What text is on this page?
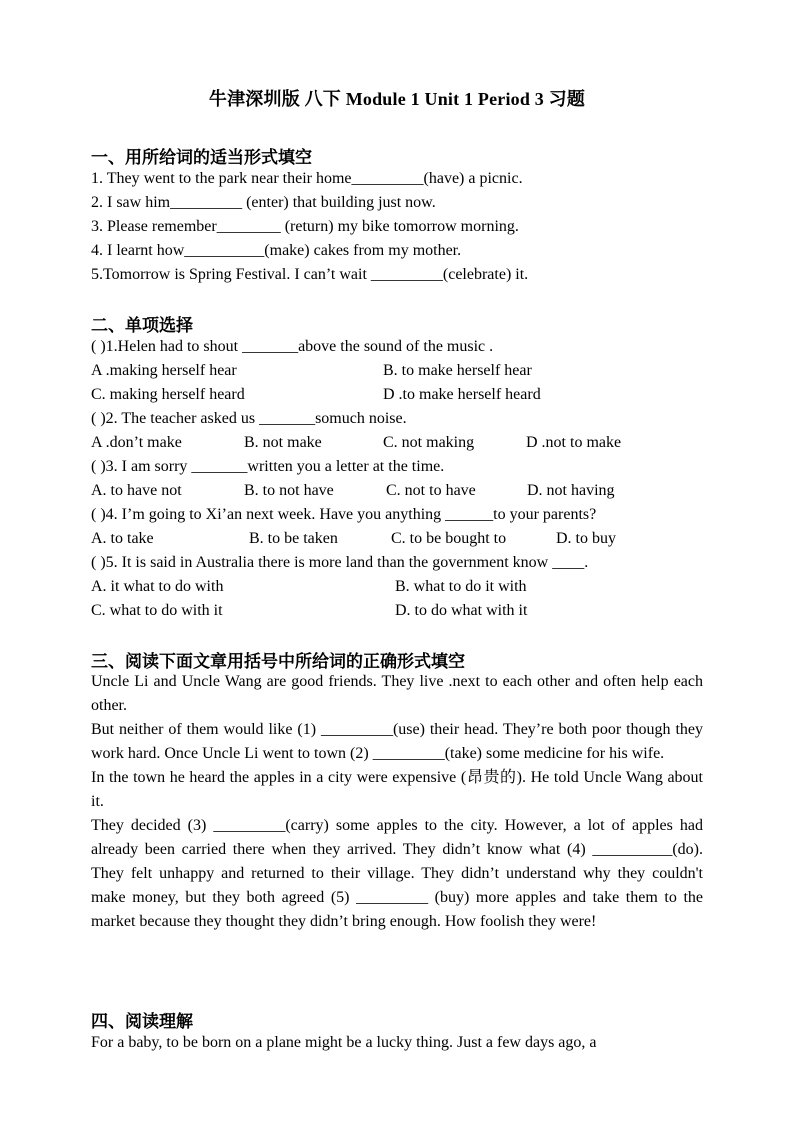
牛津深圳版 八下 Module 1 Unit 1 Period 3 习题
一、用所给词的适当形式填空
1. They went to the park near their home_________(have) a picnic.
2. I saw him_________ (enter) that building just now.
3. Please remember________ (return) my bike tomorrow morning.
4. I learnt how__________(make) cakes from my mother.
5.Tomorrow is Spring Festival. I can’t wait _________(celebrate) it.
二、单项选择
( )1.Helen had to shout _______above the sound of the music .
A .making herself hear	B. to make herself hear
C. making herself heard	D .to make herself heard
( )2. The teacher asked us _______somuch noise.
A .don’t make	B. not make	C. not making	D .not to make
( )3. I am sorry _______written you a letter at the time.
A. to have not	B. to not have	C. not to have	D. not having
( )4. I’m going to Xi’an next week. Have you anything ______to your parents?
A. to take	B. to be taken	C. to be bought to	D. to buy
( )5. It is said in Australia there is more land than the government know ____.
A. it what to do with	B. what to do it with
C. what to do with it	D. to do what with it
三、阅读下面文章用括号中所给词的正确形式填空

Uncle Li and Uncle Wang are good friends. They live .next to each other and often help each other.

But neither of them would like (1) _________(use) their head. They’re both poor though they work hard. Once Uncle Li went to town (2) _________(take) some medicine for his wife.

In the town he heard the apples in a city were expensive (昂贵的). He told Uncle Wang about it.

They decided (3) _________(carry) some apples to the city. However, a lot of apples had already been carried there when they arrived. They didn’t know what (4) __________(do). They felt unhappy and returned to their village. They didn’t understand why they couldn't make money, but they both agreed (5) _________ (buy) more apples and take them to the market because they thought they didn’t bring enough. How foolish they were!

四、阅读理解
For a baby, to be born on a plane might be a lucky thing. Just a few days ago, a
